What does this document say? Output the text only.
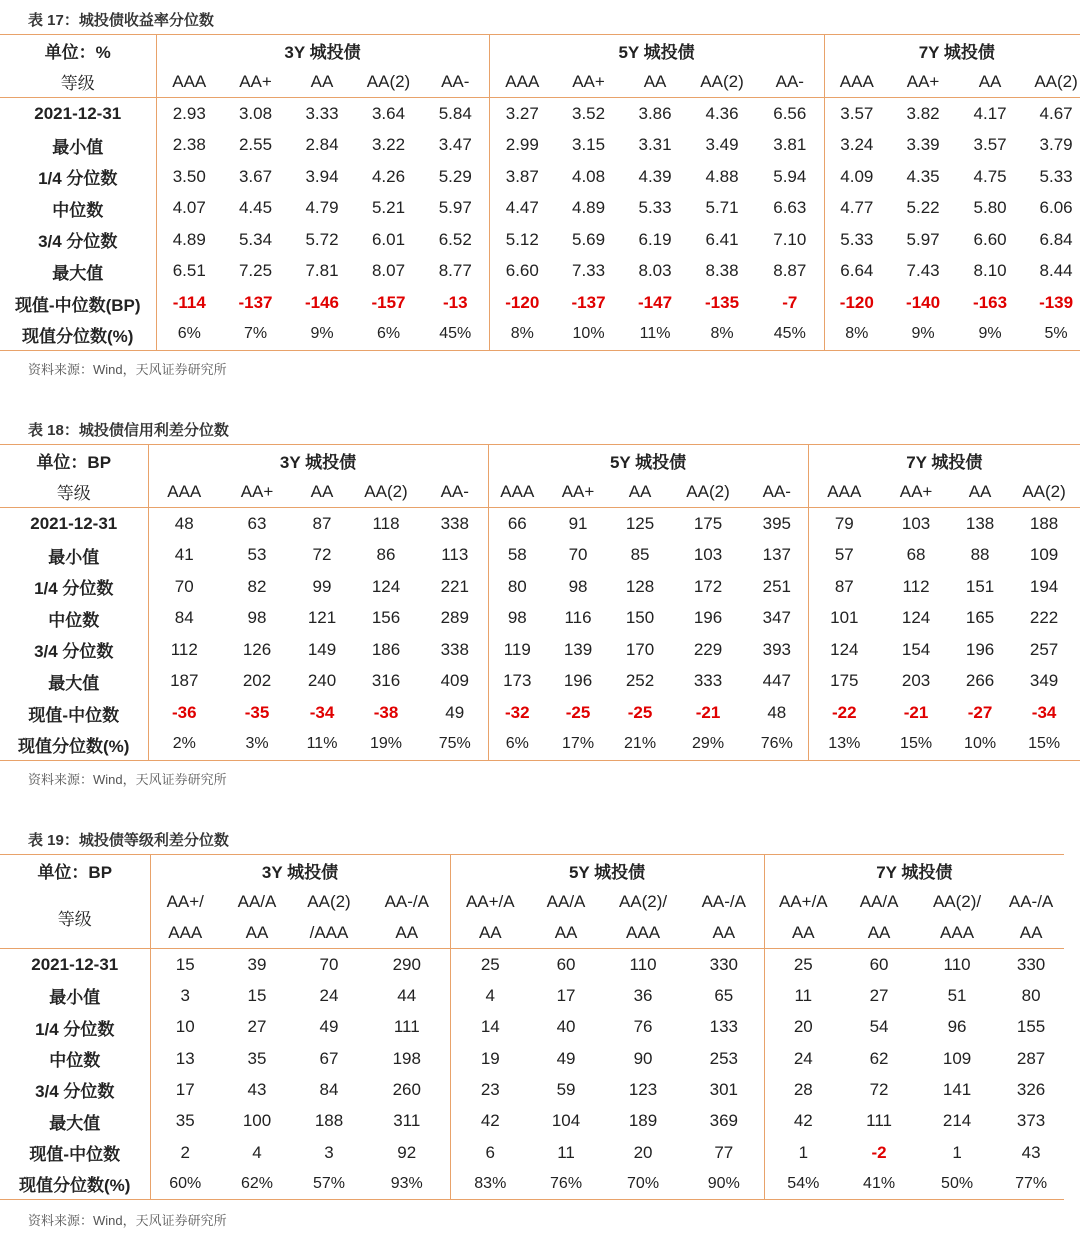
表 17：城投债收益率分位数
单位：%	3Y 城投债					5Y 城投债					7Y 城投债			
等级	AAA	AA+	AA	AA(2)	AA-	AAA	AA+	AA	AA(2)	AA-	AAA	AA+	AA	AA(2)
2021-12-31	2.93	3.08	3.33	3.64	5.84	3.27	3.52	3.86	4.36	6.56	3.57	3.82	4.17	4.67
最小值	2.38	2.55	2.84	3.22	3.47	2.99	3.15	3.31	3.49	3.81	3.24	3.39	3.57	3.79
1/4 分位数	3.50	3.67	3.94	4.26	5.29	3.87	4.08	4.39	4.88	5.94	4.09	4.35	4.75	5.33
中位数	4.07	4.45	4.79	5.21	5.97	4.47	4.89	5.33	5.71	6.63	4.77	5.22	5.80	6.06
3/4 分位数	4.89	5.34	5.72	6.01	6.52	5.12	5.69	6.19	6.41	7.10	5.33	5.97	6.60	6.84
最大值	6.51	7.25	7.81	8.07	8.77	6.60	7.33	8.03	8.38	8.87	6.64	7.43	8.10	8.44
现值-中位数(BP)	-114	-137	-146	-157	-13	-120	-137	-147	-135	-7	-120	-140	-163	-139
现值分位数(%)	6%	7%	9%	6%	45%	8%	10%	11%	8%	45%	8%	9%	9%	5%
资料来源：Wind，天风证券研究所
表 18：城投债信用利差分位数
单位：BP	3Y 城投债					5Y 城投债					7Y 城投债			
等级	AAA	AA+	AA	AA(2)	AA-	AAA	AA+	AA	AA(2)	AA-	AAA	AA+	AA	AA(2)
2021-12-31	48	63	87	118	338	66	91	125	175	395	79	103	138	188
最小值	41	53	72	86	113	58	70	85	103	137	57	68	88	109
1/4 分位数	70	82	99	124	221	80	98	128	172	251	87	112	151	194
中位数	84	98	121	156	289	98	116	150	196	347	101	124	165	222
3/4 分位数	112	126	149	186	338	119	139	170	229	393	124	154	196	257
最大值	187	202	240	316	409	173	196	252	333	447	175	203	266	349
现值-中位数	-36	-35	-34	-38	49	-32	-25	-25	-21	48	-22	-21	-27	-34
现值分位数(%)	2%	3%	11%	19%	75%	6%	17%	21%	29%	76%	13%	15%	10%	15%
资料来源：Wind，天风证券研究所
表 19：城投债等级利差分位数
单位：BP	3Y 城投债				5Y 城投债				7Y 城投债			
等级	AA+/	AA/A	AA(2)	AA-/A	AA+/A	AA/A	AA(2)/	AA-/A	AA+/A	AA/A	AA(2)/	AA-/A
	AAA	AA	/AAA	AA	AA	AA	AAA	AA	AA	AA	AAA	AA
2021-12-31	15	39	70	290	25	60	110	330	25	60	110	330
最小值	3	15	24	44	4	17	36	65	11	27	51	80
1/4 分位数	10	27	49	111	14	40	76	133	20	54	96	155
中位数	13	35	67	198	19	49	90	253	24	62	109	287
3/4 分位数	17	43	84	260	23	59	123	301	28	72	141	326
最大值	35	100	188	311	42	104	189	369	42	111	214	373
现值-中位数	2	4	3	92	6	11	20	77	1	-2	1	43
现值分位数(%)	60%	62%	57%	93%	83%	76%	70%	90%	54%	41%	50%	77%
资料来源：Wind，天风证券研究所
